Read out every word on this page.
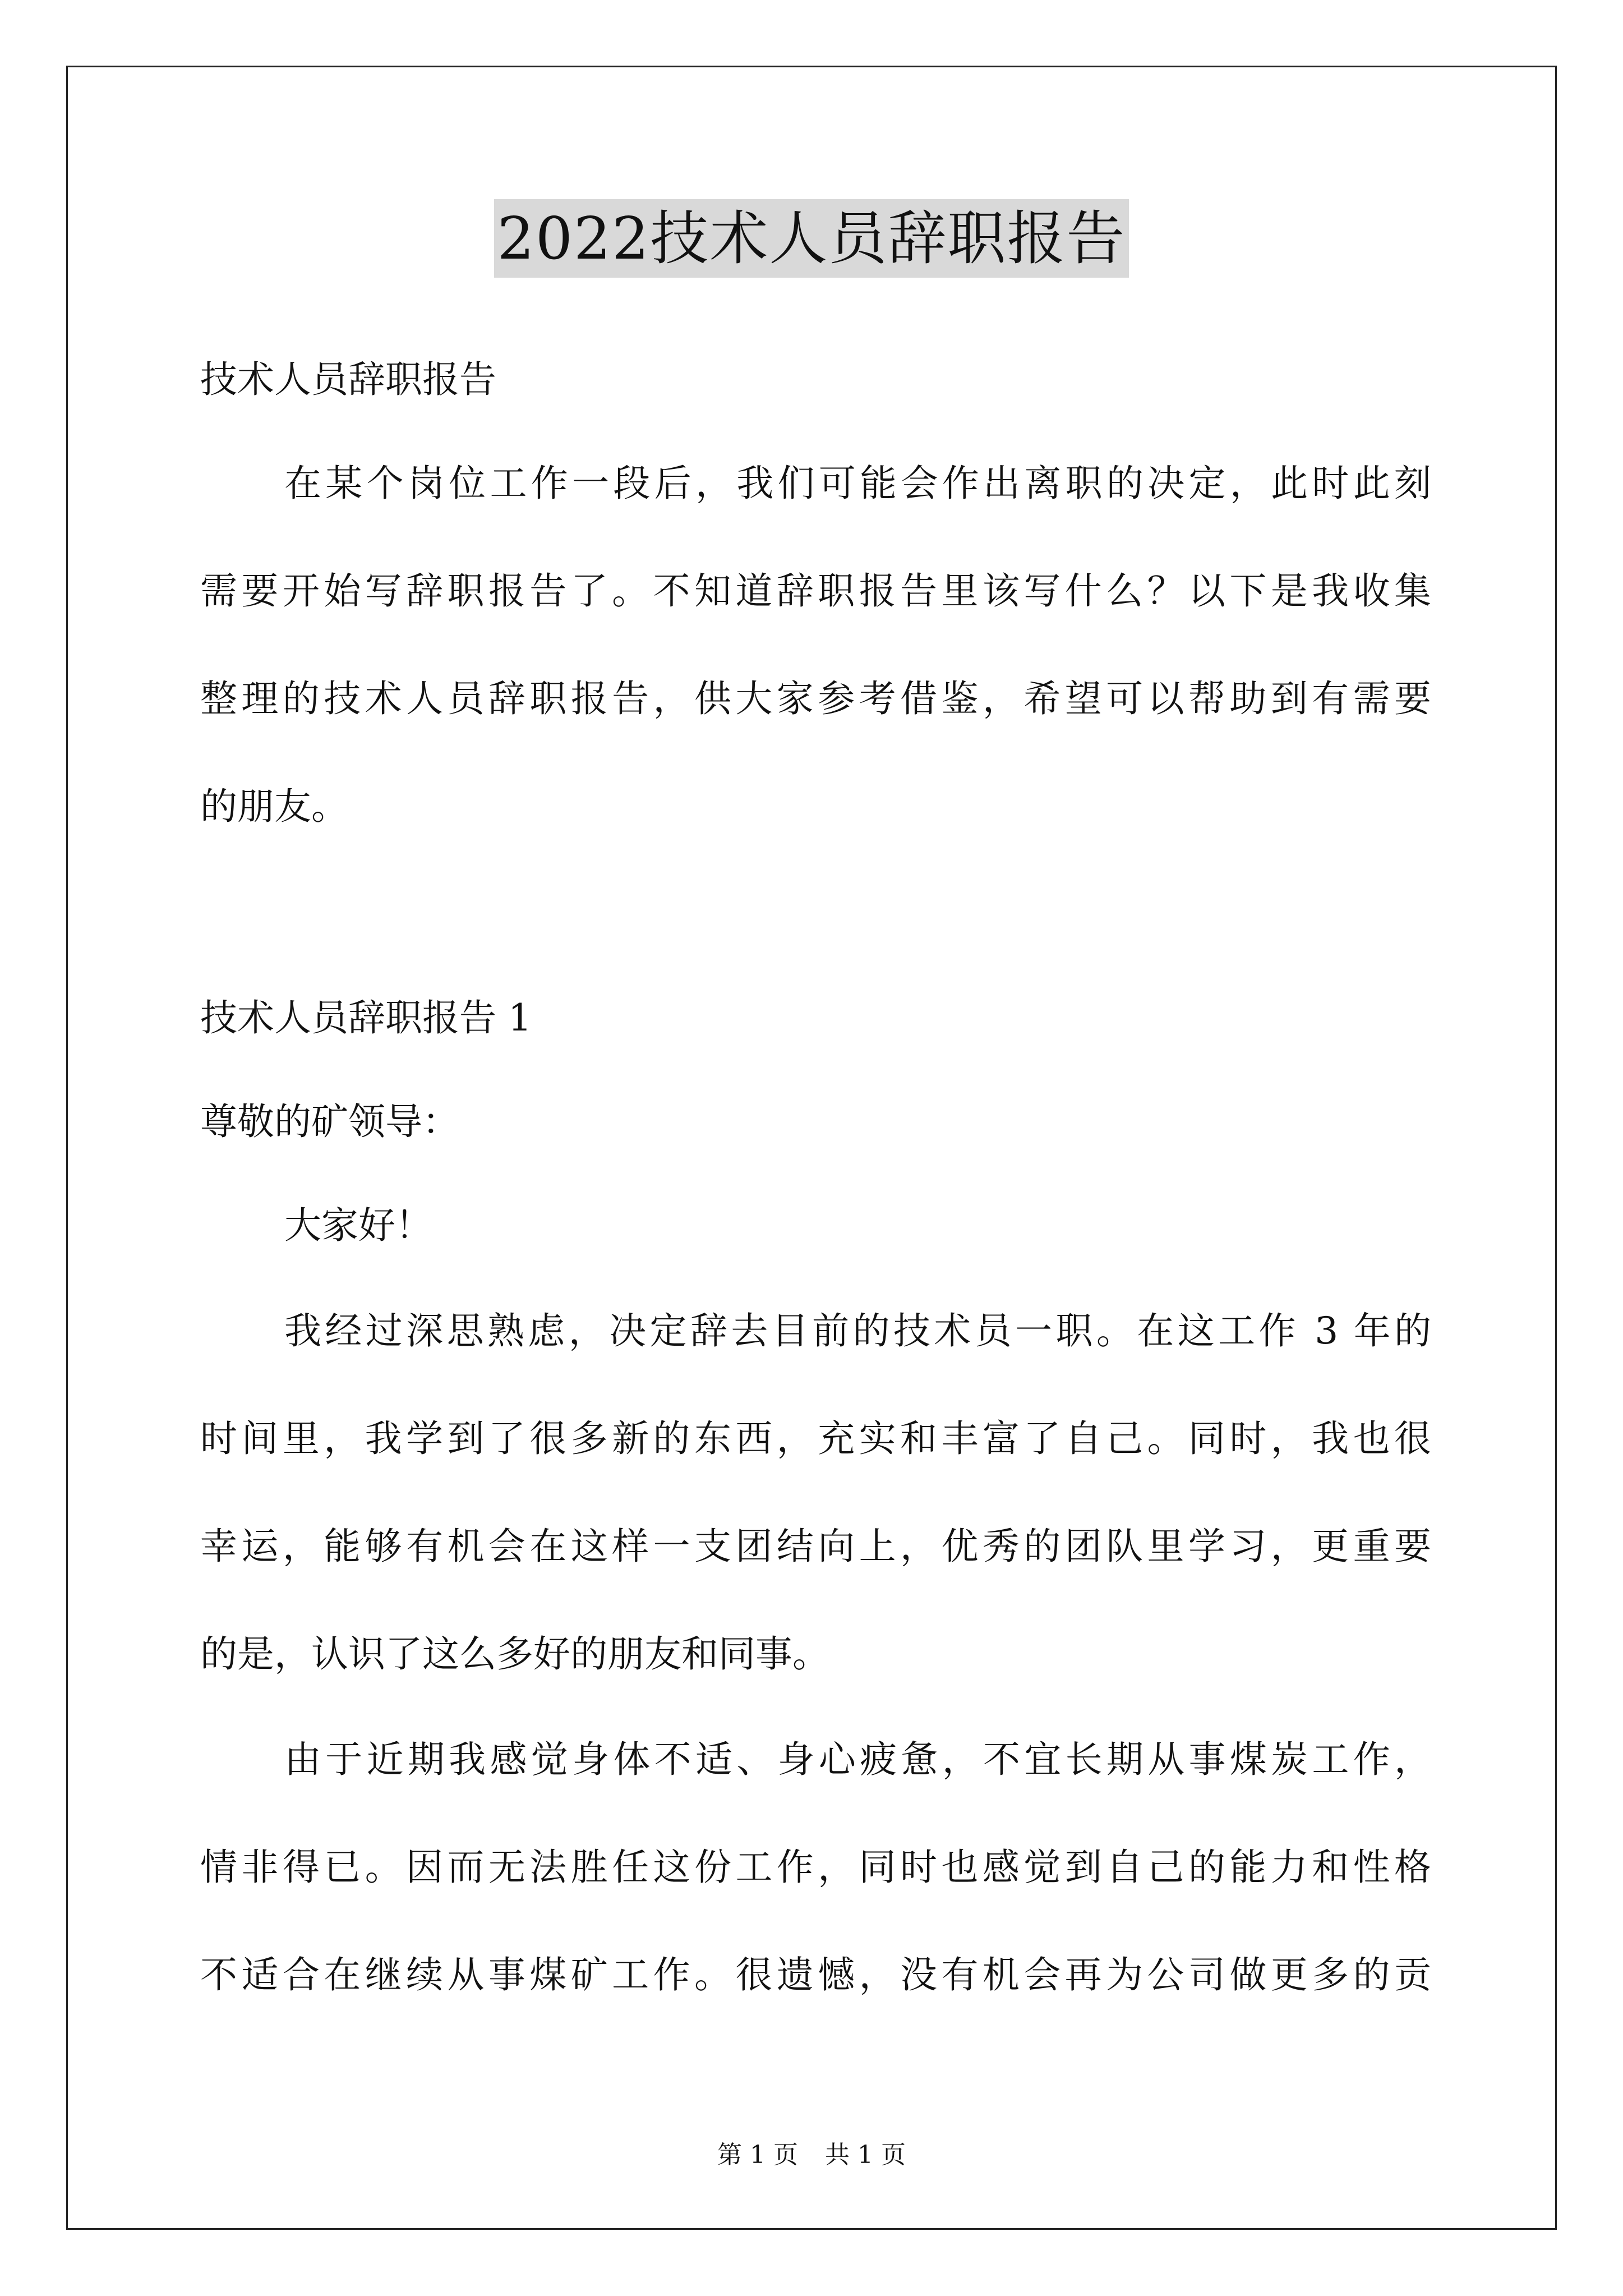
2022技术人员辞职报告
技术人员辞职报告
在某个岗位工作一段后，我们可能会作出离职的决定，此时此刻
需要开始写辞职报告了。不知道辞职报告里该写什么？以下是我收集
整理的技术人员辞职报告，供大家参考借鉴，希望可以帮助到有需要
的朋友。
技术人员辞职报告 1
尊敬的矿领导：
大家好！
我经过深思熟虑，决定辞去目前的技术员一职。在这工作 3 年的
时间里，我学到了很多新的东西，充实和丰富了自己。同时，我也很
幸运，能够有机会在这样一支团结向上，优秀的团队里学习，更重要
的是，认识了这么多好的朋友和同事。
由于近期我感觉身体不适、身心疲惫，不宜长期从事煤炭工作，
情非得已。因而无法胜任这份工作，同时也感觉到自己的能力和性格
不适合在继续从事煤矿工作。很遗憾，没有机会再为公司做更多的贡
第 1 页 共 1 页
